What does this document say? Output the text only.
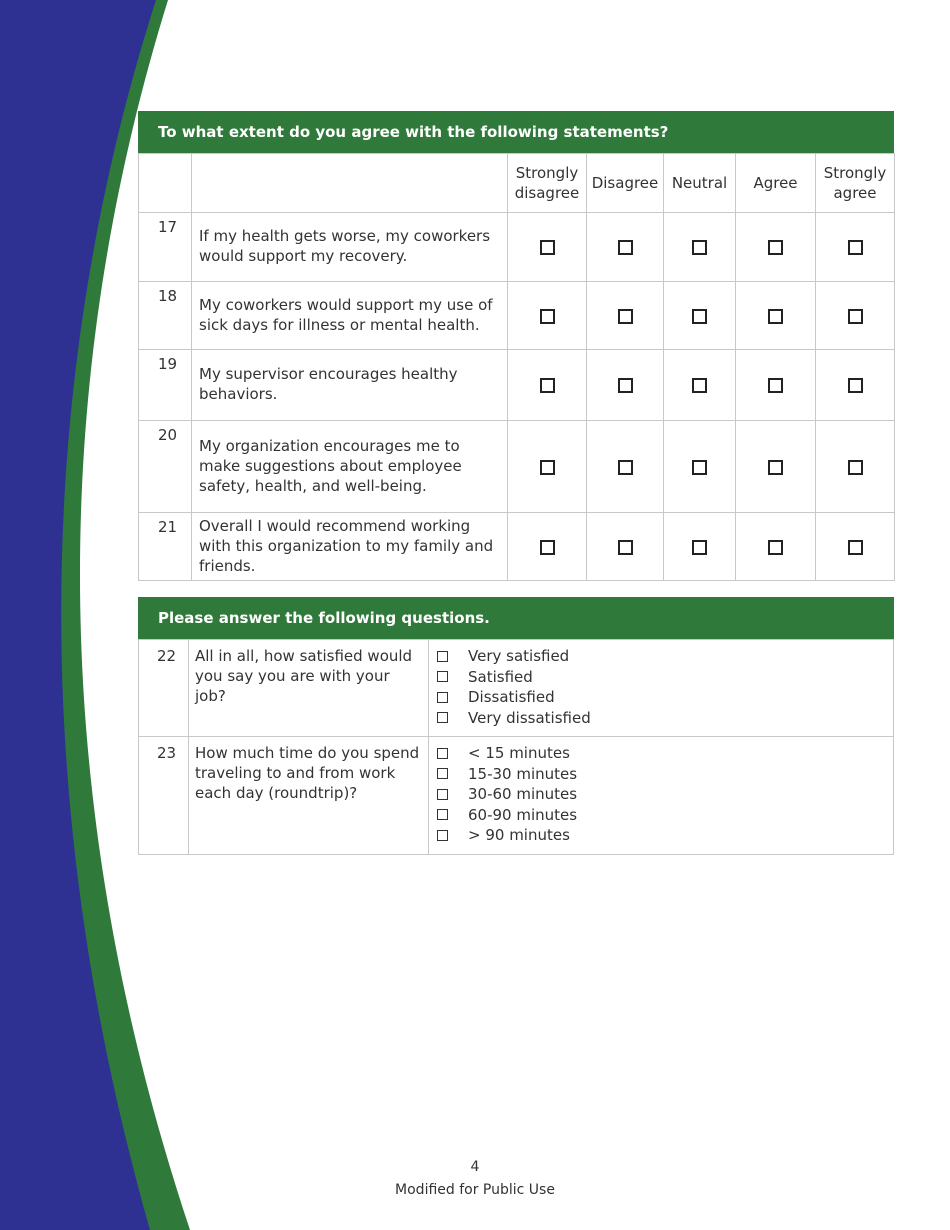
To what extent do you agree with the following statements?
		Strongly disagree	Disagree	Neutral	Agree	Strongly agree
17	If my health gets worse, my coworkers would support my recovery.					
18	My coworkers would support my use of sick days for illness or mental health.					
19	My supervisor encourages healthy behaviors.					
20	My organization encourages me to make suggestions about employee safety, health, and well-being.					
21	Overall I would recommend working with this organization to my family and friends.					
Please answer the following questions.
22	All in all, how satisfied would you say you are with your job?	Very satisfied
Satisfied
Dissatisfied
Very dissatisfied

23	How much time do you spend traveling to and from work each day (roundtrip)?	< 15 minutes
15-30 minutes
30-60 minutes
60-90 minutes
> 90 minutes
4
Modified for Public Use
